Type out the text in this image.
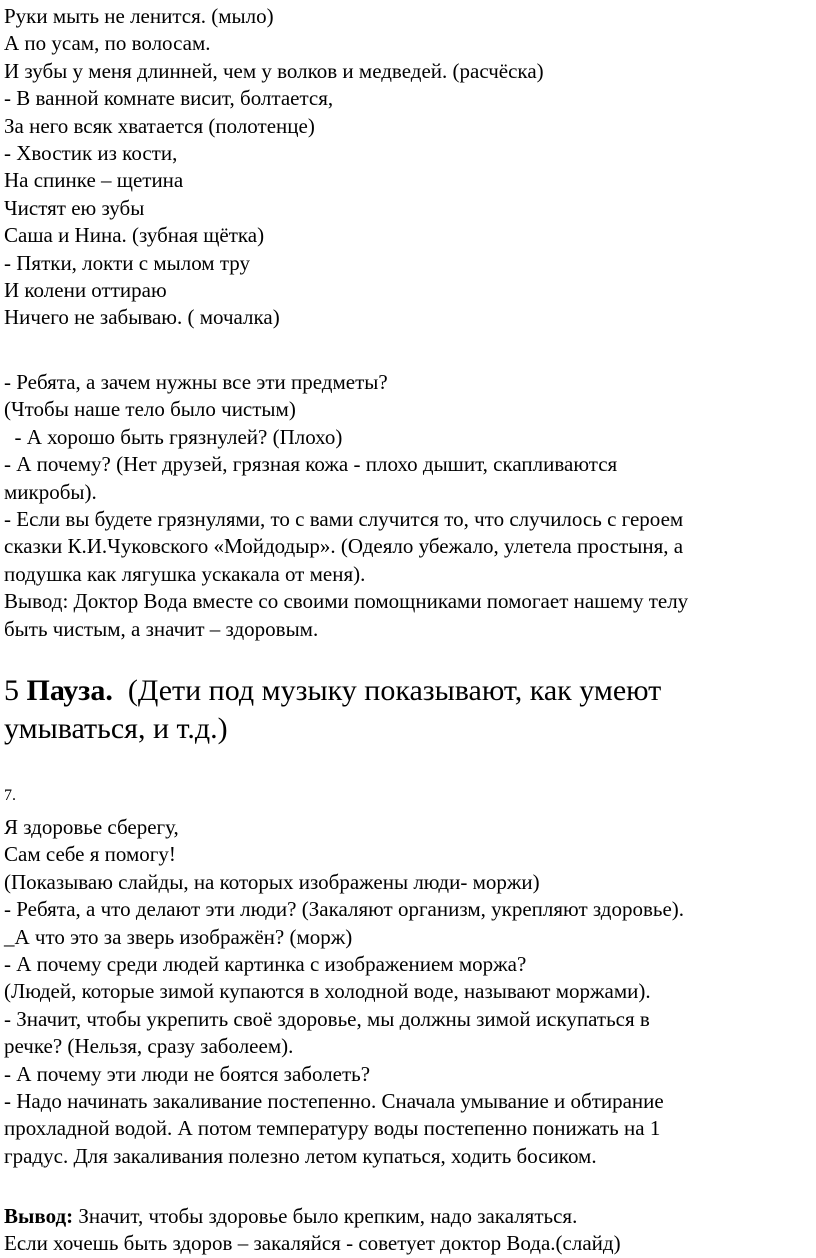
Руки мыть не ленится. (мыло)
А по усам, по волосам.
И зубы у меня длинней, чем у волков и медведей. (расчёска)
- В ванной комнате висит, болтается,
За него всяк хватается (полотенце)
- Хвостик из кости,
На спинке – щетина
Чистят ею зубы
Саша и Нина. (зубная щётка)
- Пятки, локти с мылом тру
И колени оттираю
Ничего не забываю. ( мочалка)
- Ребята, а зачем нужны все эти предметы?
(Чтобы наше тело было чистым)
- А хорошо быть грязнулей? (Плохо)
- А почему? (Нет друзей, грязная кожа - плохо дышит, скапливаются
микробы).
- Если вы будете грязнулями, то с вами случится то, что случилось с героем
сказки К.И.Чуковского «Мойдодыр». (Одеяло убежало, улетела простыня, а
подушка как лягушка ускакала от меня).
Вывод: Доктор Вода вместе со своими помощниками помогает нашему телу
быть чистым, а значит – здоровым.
5 Пауза.  (Дети под музыку показывают, как умеют
умываться, и т.д.)
7.
Я здоровье сберегу,
Сам себе я помогу!
(Показываю слайды, на которых изображены люди- моржи)
- Ребята, а что делают эти люди? (Закаляют организм, укрепляют здоровье).
_А что это за зверь изображён? (морж)
- А почему среди людей картинка с изображением моржа?
(Людей, которые зимой купаются в холодной воде, называют моржами).
- Значит, чтобы укрепить своё здоровье, мы должны зимой искупаться в
речке? (Нельзя, сразу заболеем).
- А почему эти люди не боятся заболеть?
- Надо начинать закаливание постепенно. Сначала умывание и обтирание
прохладной водой. А потом температуру воды постепенно понижать на 1
градус. Для закаливания полезно летом купаться, ходить босиком.
Вывод: Значит, чтобы здоровье было крепким, надо закаляться.
Если хочешь быть здоров – закаляйся - советует доктор Вода.(слайд)
